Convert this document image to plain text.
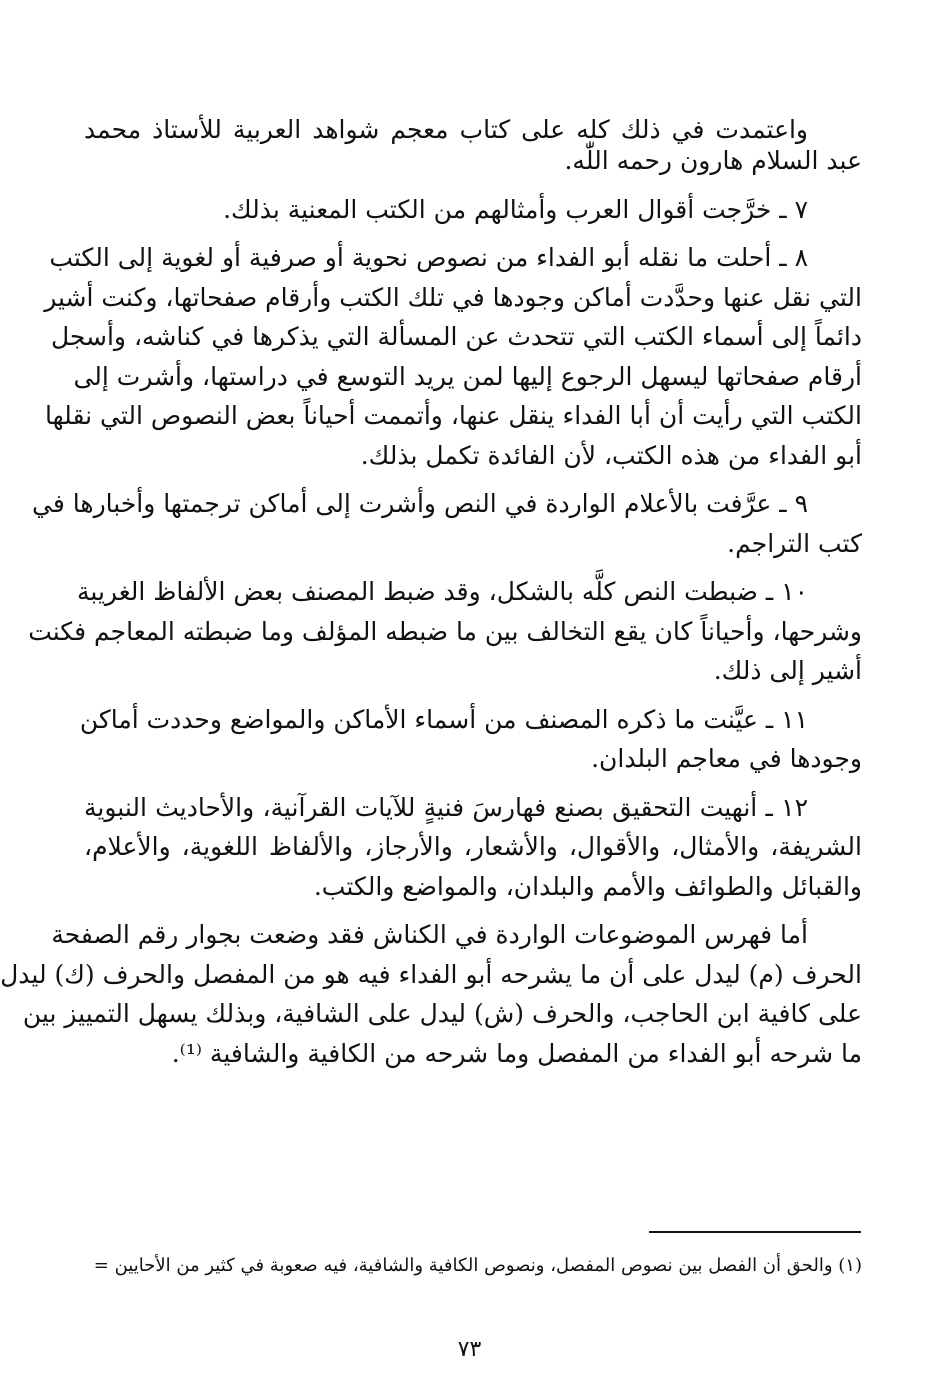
واعتمدت في ذلك كله على كتاب معجم شواهد العربية للأستاذ محمد
عبد السلام هارون رحمه اللّٰه.
٧ ـ خرَّجت أقوال العرب وأمثالهم من الكتب المعنية بذلك.
٨ ـ أحلت ما نقله أبو الفداء من نصوص نحوية أو صرفية أو لغوية إلى الكتب
التي نقل عنها وحدَّدت أماكن وجودها في تلك الكتب وأرقام صفحاتها، وكنت أشير
دائماً إلى أسماء الكتب التي تتحدث عن المسألة التي يذكرها في كناشه، وأسجل
أرقام صفحاتها ليسهل الرجوع إليها لمن يريد التوسع في دراستها، وأشرت إلى
الكتب التي رأيت أن أبا الفداء ينقل عنها، وأتممت أحياناً بعض النصوص التي نقلها
أبو الفداء من هذه الكتب، لأن الفائدة تكمل بذلك.
٩ ـ عرَّفت بالأعلام الواردة في النص وأشرت إلى أماكن ترجمتها وأخبارها في
كتب التراجم.
١٠ ـ ضبطت النص كلَّه بالشكل، وقد ضبط المصنف بعض الألفاظ الغريبة
وشرحها، وأحياناً كان يقع التخالف بين ما ضبطه المؤلف وما ضبطته المعاجم فكنت
أشير إلى ذلك.
١١ ـ عيَّنت ما ذكره المصنف من أسماء الأماكن والمواضع وحددت أماكن
وجودها في معاجم البلدان.
١٢ ـ أنهيت التحقيق بصنع فهارسَ فنيةٍ للآيات القرآنية، والأحاديث النبوية
الشريفة، والأمثال، والأقوال، والأشعار، والأرجاز، والألفاظ اللغوية، والأعلام،
والقبائل والطوائف والأمم والبلدان، والمواضع والكتب.
أما فهرس الموضوعات الواردة في الكناش فقد وضعت بجوار رقم الصفحة
الحرف (م) ليدل على أن ما يشرحه أبو الفداء فيه هو من المفصل والحرف (ك) ليدل
على كافية ابن الحاجب، والحرف (ش) ليدل على الشافية، وبذلك يسهل التمييز بين
ما شرحه أبو الفداء من المفصل وما شرحه من الكافية والشافية ⁽¹⁾.
(١) والحق أن الفصل بين نصوص المفصل، ونصوص الكافية والشافية، فيه صعوبة في كثير من الأحايين =
٧٣
